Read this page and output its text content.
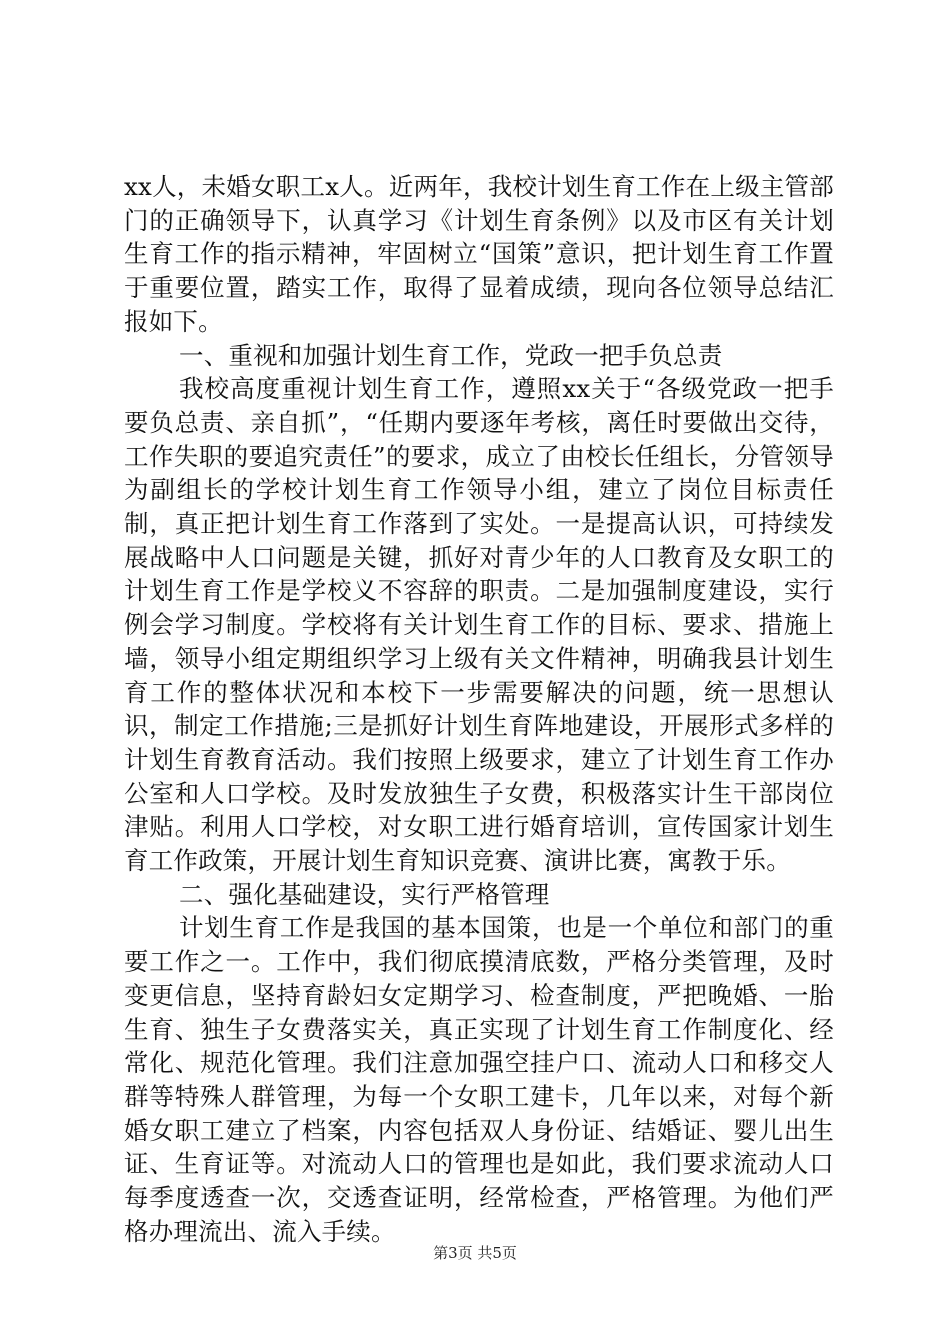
xx人，未婚女职工x人。近两年，我校计划生育工作在上级主管部门的正确领导下，认真学习《计划生育条例》以及市区有关计划生育工作的指示精神，牢固树立“国策”意识，把计划生育工作置于重要位置，踏实工作，取得了显着成绩，现向各位领导总结汇报如下。

一、重视和加强计划生育工作，党政一把手负总责

我校高度重视计划生育工作，遵照xx关于“各级党政一把手要负总责、亲自抓”，“任期内要逐年考核，离任时要做出交待，工作失职的要追究责任”的要求，成立了由校长任组长，分管领导为副组长的学校计划生育工作领导小组，建立了岗位目标责任制，真正把计划生育工作落到了实处。一是提高认识，可持续发展战略中人口问题是关键，抓好对青少年的人口教育及女职工的计划生育工作是学校义不容辞的职责。二是加强制度建设，实行例会学习制度。学校将有关计划生育工作的目标、要求、措施上墙，领导小组定期组织学习上级有关文件精神，明确我县计划生育工作的整体状况和本校下一步需要解决的问题，统一思想认识，制定工作措施;三是抓好计划生育阵地建设，开展形式多样的计划生育教育活动。我们按照上级要求，建立了计划生育工作办公室和人口学校。及时发放独生子女费，积极落实计生干部岗位津贴。利用人口学校，对女职工进行婚育培训，宣传国家计划生育工作政策，开展计划生育知识竞赛、演讲比赛，寓教于乐。

二、强化基础建设，实行严格管理

计划生育工作是我国的基本国策，也是一个单位和部门的重要工作之一。工作中，我们彻底摸清底数，严格分类管理，及时变更信息，坚持育龄妇女定期学习、检查制度，严把晚婚、一胎生育、独生子女费落实关，真正实现了计划生育工作制度化、经常化、规范化管理。我们注意加强空挂户口、流动人口和移交人群等特殊人群管理，为每一个女职工建卡，几年以来，对每个新婚女职工建立了档案，内容包括双人身份证、结婚证、婴儿出生证、生育证等。对流动人口的管理也是如此，我们要求流动人口每季度透查一次，交透查证明，经常检查，严格管理。为他们严格办理流出、流入手续。

第3页 共5页
